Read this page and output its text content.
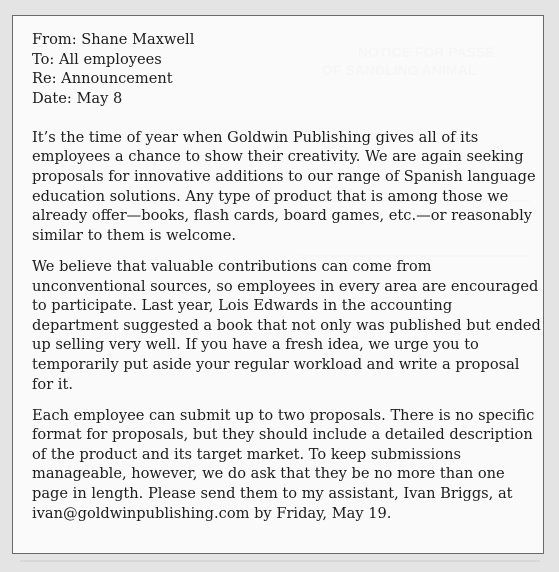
From: Shane Maxwell
To: All employees
Re: Announcement
Date: May 8
It’s the time of year when Goldwin Publishing gives all of its
employees a chance to show their creativity. We are again seeking
proposals for innovative additions to our range of Spanish language
education solutions. Any type of product that is among those we
already offer—books, flash cards, board games, etc.—or reasonably
similar to them is welcome.
We believe that valuable contributions can come from
unconventional sources, so employees in every area are encouraged
to participate. Last year, Lois Edwards in the accounting
department suggested a book that not only was published but ended
up selling very well. If you have a fresh idea, we urge you to
temporarily put aside your regular workload and write a proposal
for it.
Each employee can submit up to two proposals. There is no specific
format for proposals, but they should include a detailed description
of the product and its target market. To keep submissions
manageable, however, we do ask that they be no more than one
page in length. Please send them to my assistant, Ivan Briggs, at
ivan@goldwinpublishing.com by Friday, May 19.
